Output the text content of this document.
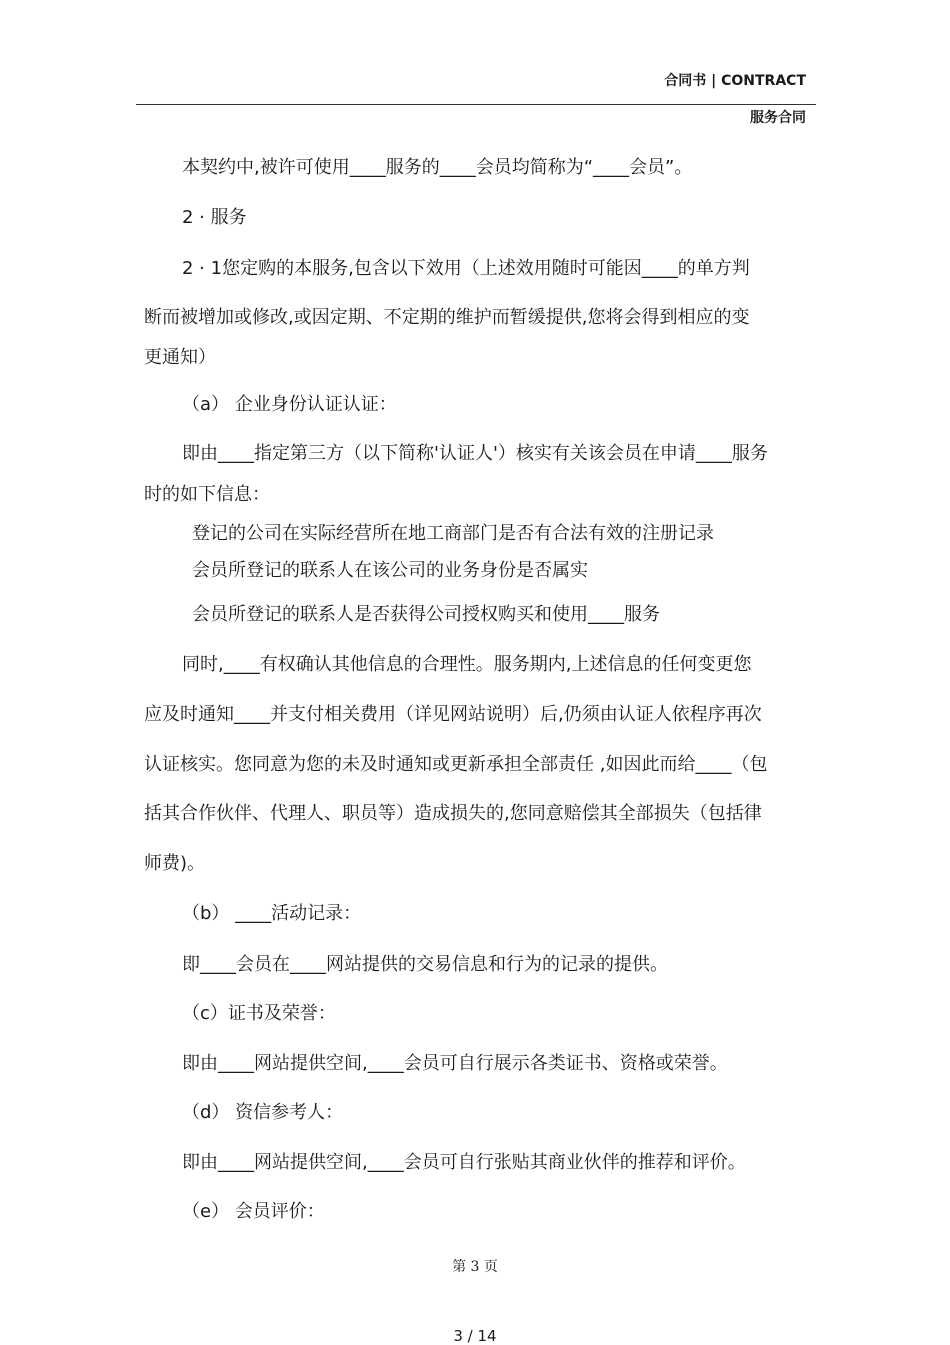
合同书 | CONTRACT
服务合同
本契约中,被许可使用____服务的____会员均简称为“____会员”。
2 · 服务
2 · 1您定购的本服务,包含以下效用（上述效用随时可能因____的单方判
断而被增加或修改,或因定期、不定期的维护而暂缓提供,您将会得到相应的变
更通知）
（a） 企业身份认证认证：
即由____指定第三方（以下简称'认证人'）核实有关该会员在申请____服务
时的如下信息：
登记的公司在实际经营所在地工商部门是否有合法有效的注册记录
会员所登记的联系人在该公司的业务身份是否属实
会员所登记的联系人是否获得公司授权购买和使用____服务
同时,____有权确认其他信息的合理性。服务期内,上述信息的任何变更您
应及时通知____并支付相关费用（详见网站说明）后,仍须由认证人依程序再次
认证核实。您同意为您的未及时通知或更新承担全部责任 ,如因此而给____（包
括其合作伙伴、代理人、职员等）造成损失的,您同意赔偿其全部损失（包括律
师费)。
（b） ____活动记录：
即____会员在____网站提供的交易信息和行为的记录的提供。
（c）证书及荣誉：
即由____网站提供空间,____会员可自行展示各类证书、资格或荣誉。
（d） 资信参考人：
即由____网站提供空间,____会员可自行张贴其商业伙伴的推荐和评价。
（e） 会员评价：
第 3 页
3 / 14
